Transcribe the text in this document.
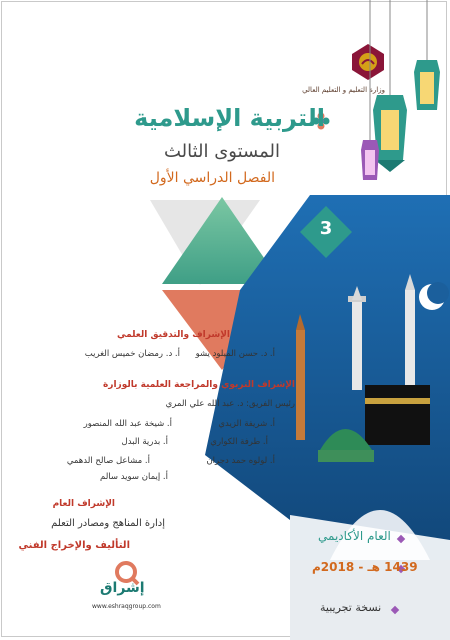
وزارة التعليم و التعليم العالي
التربية الإسلامية
المستوى الثالث
الفصل الدراسي الأول
3
الإشراف والتدقيق العلمي
أ. د. رمضان خميس الغريب أ. د. حسن الميلود يشو
الإشراف التربوي والمراجعة العلمية بالوزارة
رئيس الفريق: د. عبد الله علي المري
أ. شيخة عبد الله المنصور	أ. شريفة الزيدي
أ. بدرية البدل	أ. طرفة الكواري
أ. مشاعل صالح الدهمي	أ. لولوه حمد دجران
أ. إيمان سويد سالم
الإشراف العام
إدارة المناهج ومصادر التعلم
التأليف والإخراج الفني
إشراق
www.eshraqgroup.com
العام الأكاديمي
1439 هـ - 2018م
نسخة تجريبية
